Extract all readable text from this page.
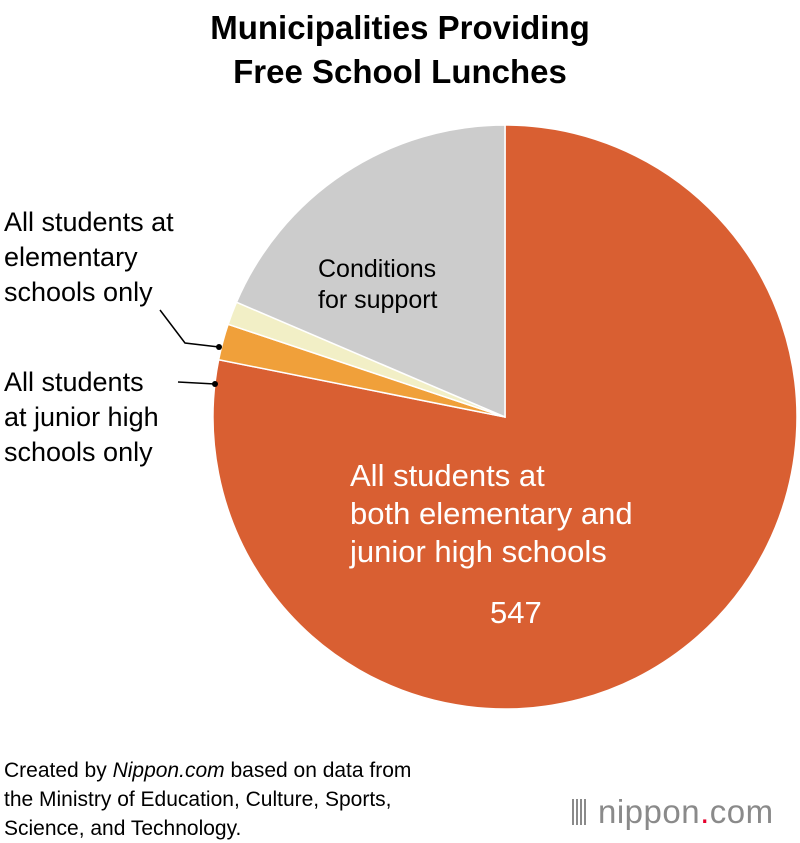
Municipalities Providing
Free School Lunches
All students at both elementary and junior high schools
547
Conditions for support
All students at elementary schools only
All students at junior high schools only
Created by Nippon.com based on data from
the Ministry of Education, Culture, Sports,
Science, and Technology.	nippon.com
